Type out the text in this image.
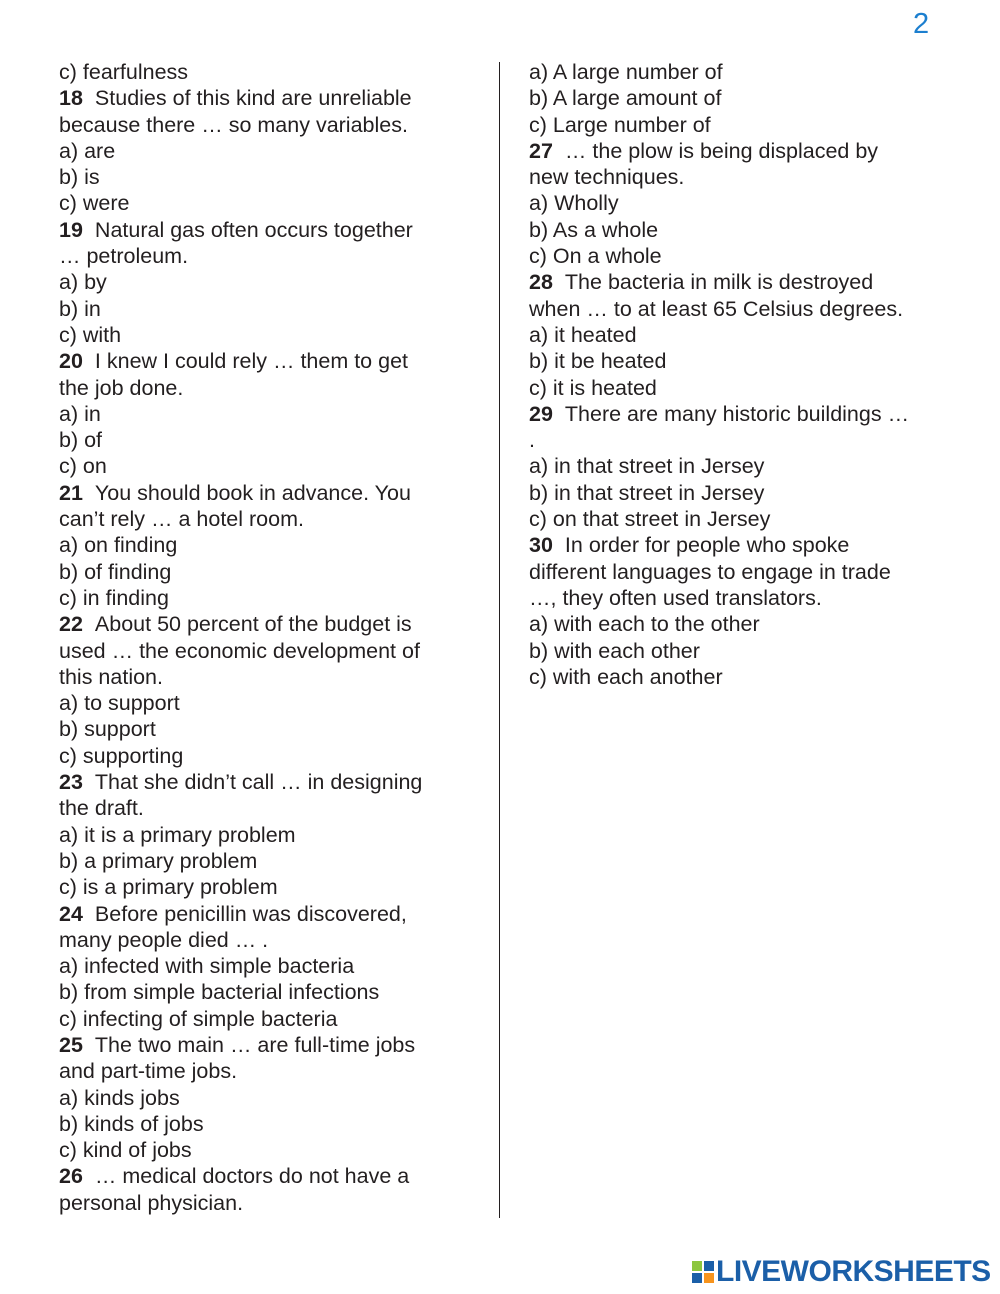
2
c) fearfulness
18 Studies of this kind are unreliable
because there … so many variables.
a) are
b) is
c) were
19 Natural gas often occurs together
… petroleum.
a) by
b) in
c) with
20 I knew I could rely … them to get
the job done.
a) in
b) of
c) on
21 You should book in advance. You
can’t rely … a hotel room.
a) on finding
b) of finding
c) in finding
22 About 50 percent of the budget is
used … the economic development of
this nation.
a) to support
b) support
c) supporting
23 That she didn’t call … in designing
the draft.
a) it is a primary problem
b) a primary problem
c) is a primary problem
24 Before penicillin was discovered,
many people died … .
a) infected with simple bacteria
b) from simple bacterial infections
c) infecting of simple bacteria
25 The two main … are full-time jobs
and part-time jobs.
a) kinds jobs
b) kinds of jobs
c) kind of jobs
26 … medical doctors do not have a
personal physician.
a) A large number of
b) A large amount of
c) Large number of
27 … the plow is being displaced by
new techniques.
a) Wholly
b) As a whole
c) On a whole
28 The bacteria in milk is destroyed
when … to at least 65 Celsius degrees.
a) it heated
b) it be heated
c) it is heated
29 There are many historic buildings …
.
a) in that street in Jersey
b) in that street in Jersey
c) on that street in Jersey
30 In order for people who spoke
different languages to engage in trade
…, they often used translators.
a) with each to the other
b) with each other
c) with each another
LIVEWORKSHEETS
